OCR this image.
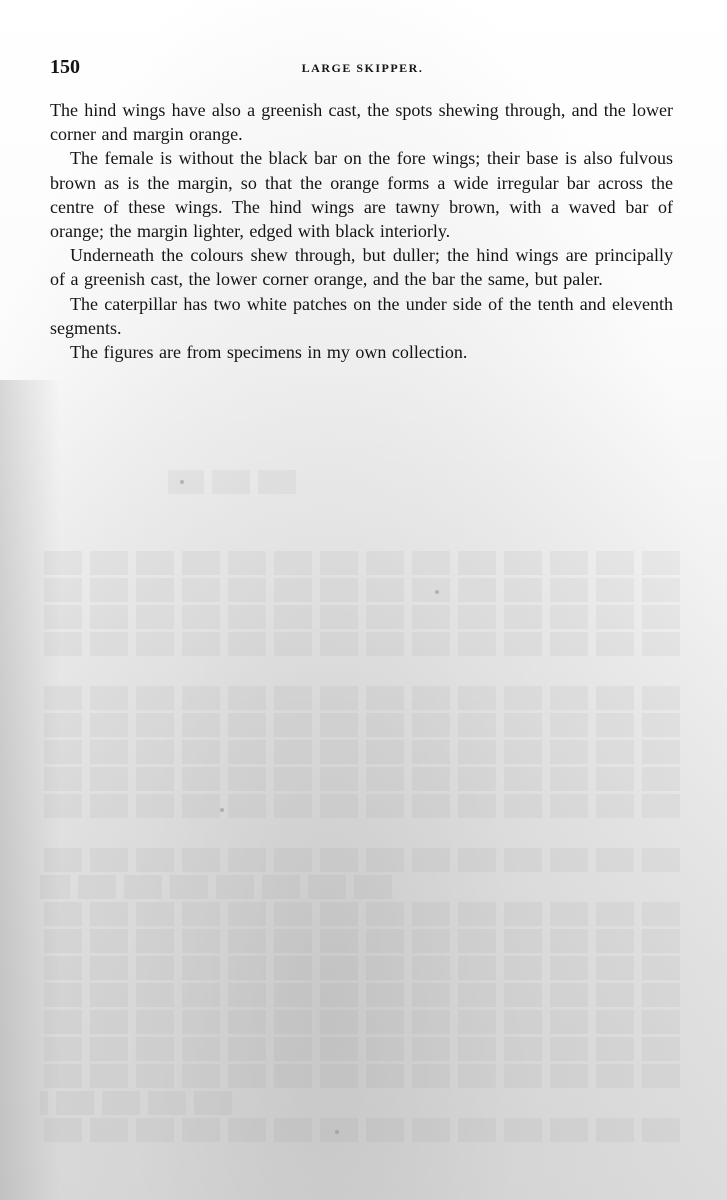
150	LARGE SKIPPER.

The hind wings have also a greenish cast, the spots shewing through, and the lower corner and margin orange.

The female is without the black bar on the fore wings; their base is also fulvous brown as is the margin, so that the orange forms a wide irregular bar across the centre of these wings. The hind wings are tawny brown, with a waved bar of orange; the margin lighter, edged with black interiorly.

Underneath the colours shew through, but duller; the hind wings are principally of a greenish cast, the lower corner orange, and the bar the same, but paler.

The caterpillar has two white patches on the under side of the tenth and eleventh segments.

The figures are from specimens in my own collection.
